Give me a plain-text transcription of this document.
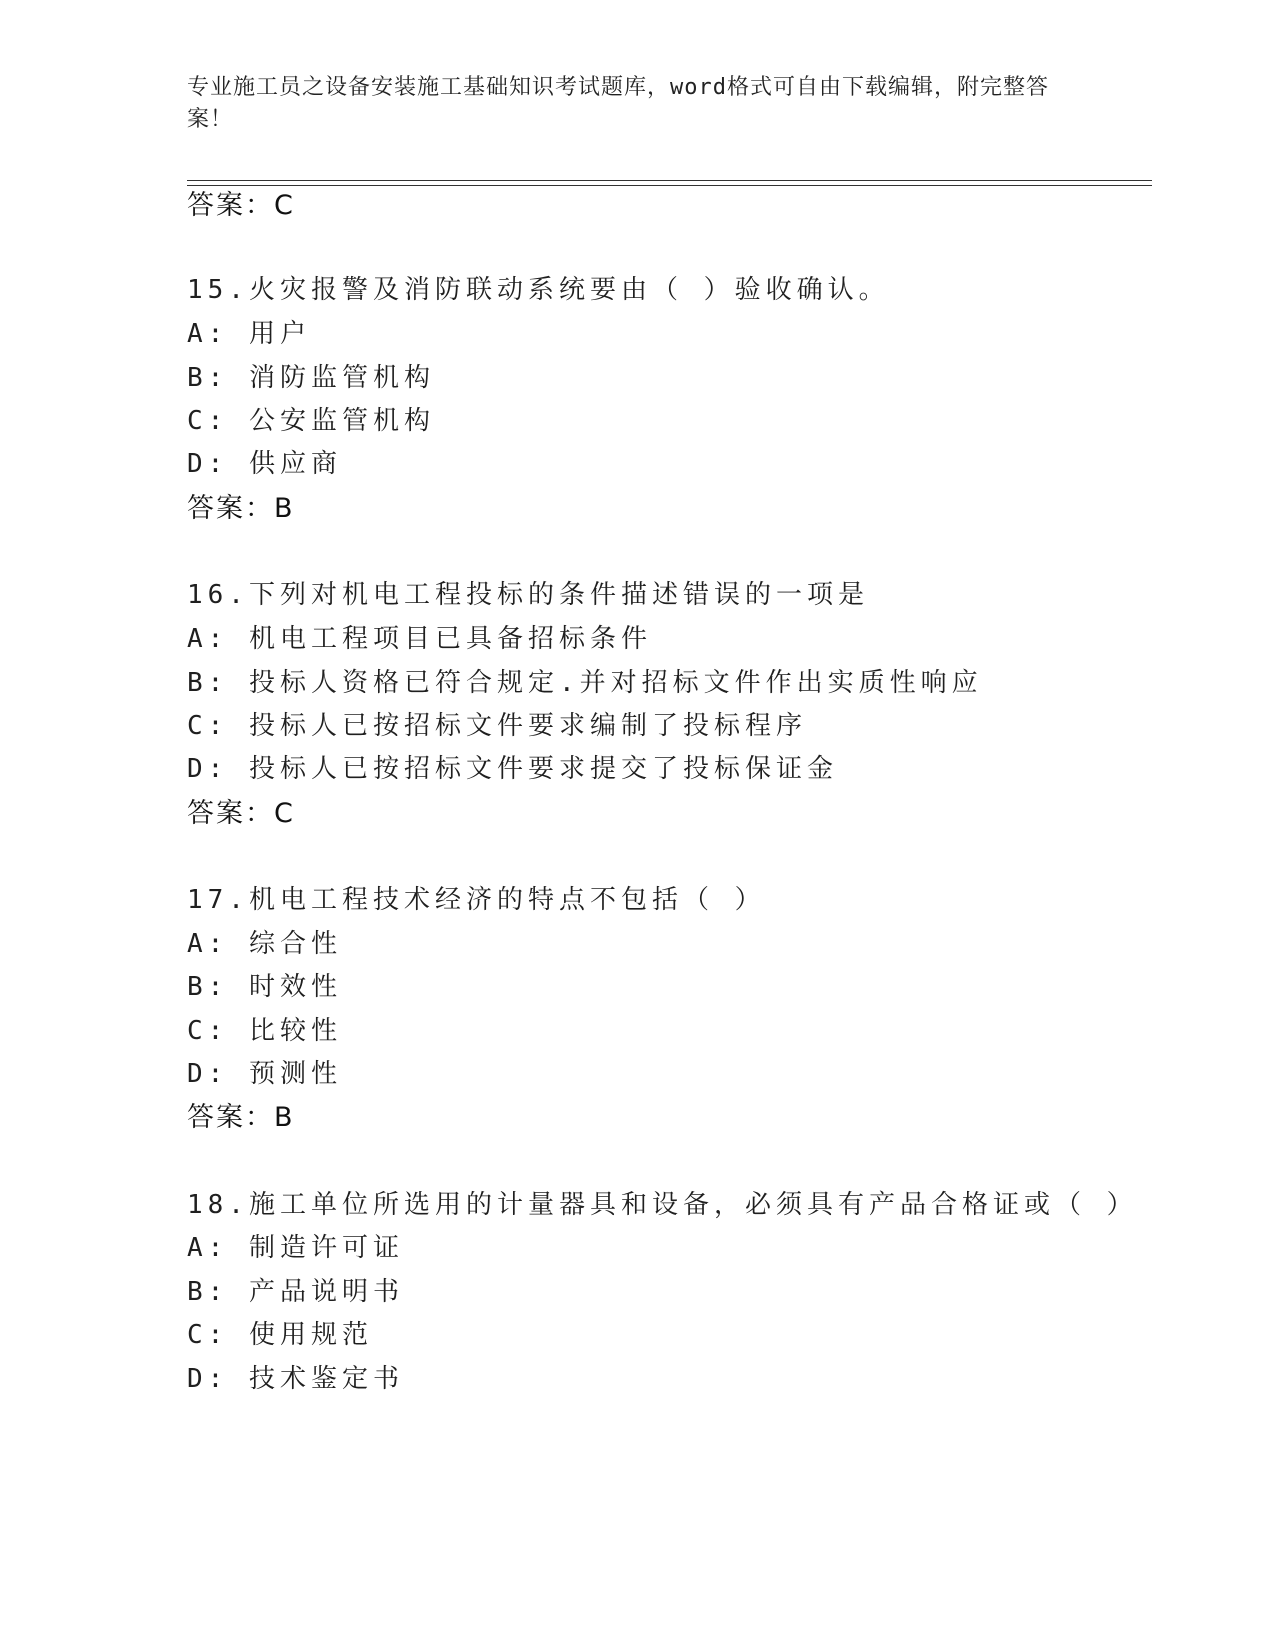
专业施工员之设备安装施工基础知识考试题库，word格式可自由下载编辑，附完整答案！
答案：C
15.火灾报警及消防联动系统要由（ ）验收确认。
A: 用户
B: 消防监管机构
C: 公安监管机构
D: 供应商
答案：B
16.下列对机电工程投标的条件描述错误的一项是
A: 机电工程项目已具备招标条件
B: 投标人资格已符合规定.并对招标文件作出实质性响应
C: 投标人已按招标文件要求编制了投标程序
D: 投标人已按招标文件要求提交了投标保证金
答案：C
17.机电工程技术经济的特点不包括（ ）
A: 综合性
B: 时效性
C: 比较性
D: 预测性
答案：B
18.施工单位所选用的计量器具和设备，必须具有产品合格证或（ ）
A: 制造许可证
B: 产品说明书
C: 使用规范
D: 技术鉴定书
